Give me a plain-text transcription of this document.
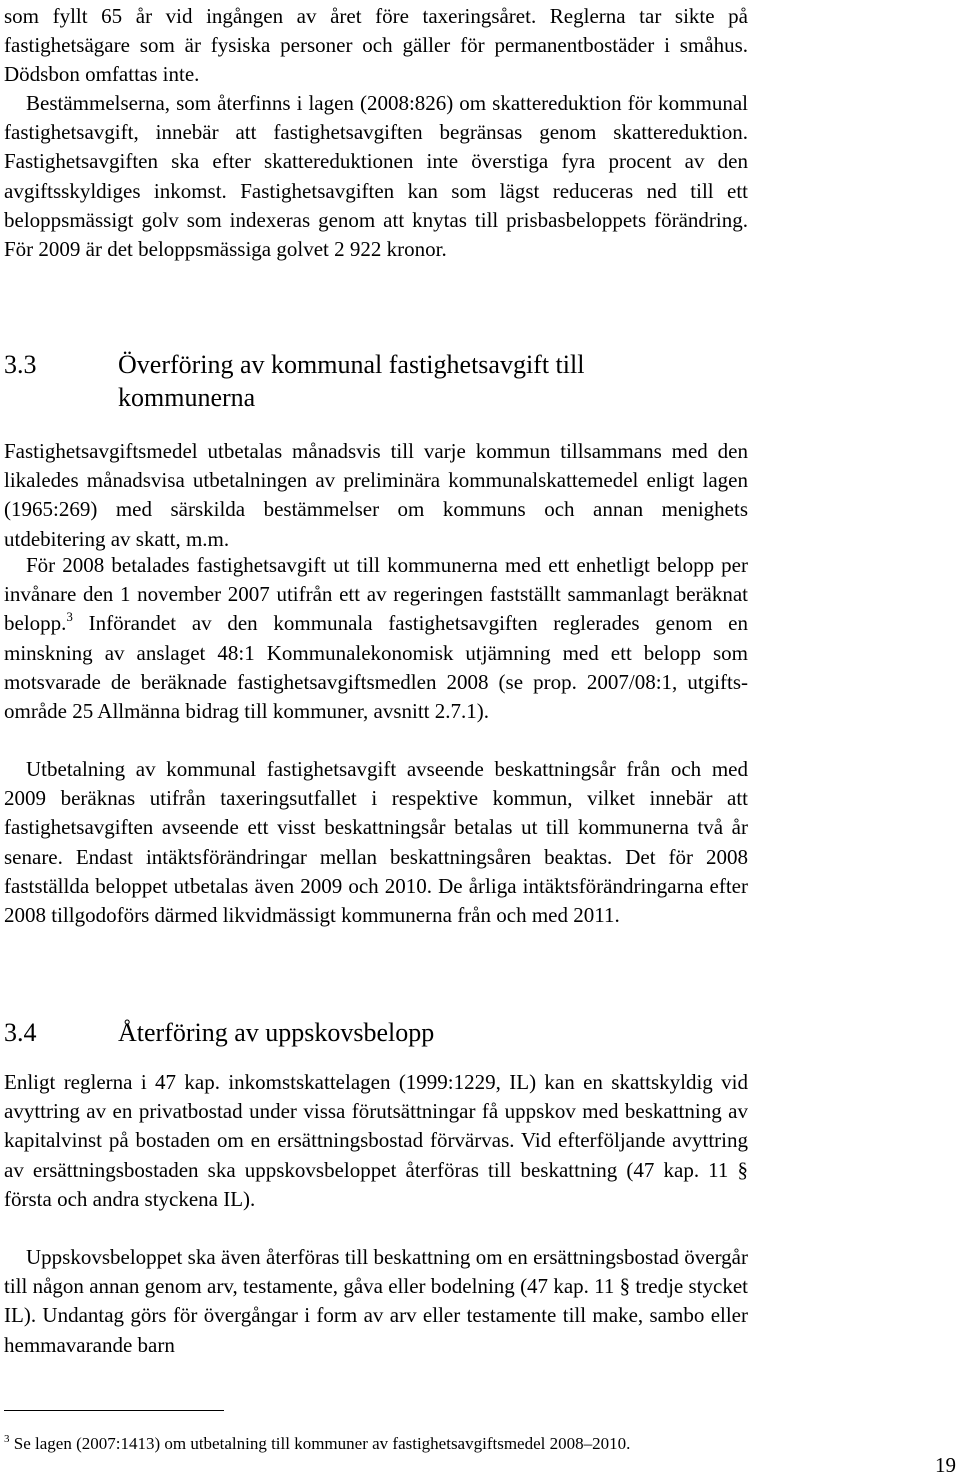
som fyllt 65 år vid ingången av året före taxeringsåret. Reglerna tar sikte på fastighetsägare som är fysiska personer och gäller för permanentbostäder i småhus. Dödsbon omfattas inte.

Bestämmelserna, som återfinns i lagen (2008:826) om skattereduktion för kommunal fastighetsavgift, innebär att fastighetsavgiften begränsas genom skattereduktion. Fastighetsavgiften ska efter skattereduktionen inte överstiga fyra procent av den avgiftsskyldiges inkomst. Fastighetsavgiften kan som lägst reduceras ned till ett beloppsmässigt golv som indexeras genom att knytas till prisbasbeloppets förändring. För 2009 är det beloppsmässiga golvet 2 922 kronor.

3.3	Överföring av kommunal fastighetsavgift till kommunerna

Fastighetsavgiftsmedel utbetalas månadsvis till varje kommun tillsammans med den likaledes månadsvisa utbetalningen av preliminära kommunalskattemedel enligt lagen (1965:269) med särskilda bestämmelser om kommuns och annan menighets utdebitering av skatt, m.m.

För 2008 betalades fastighetsavgift ut till kommunerna med ett enhetligt belopp per invånare den 1 november 2007 utifrån ett av regeringen fastställt sammanlagt beräknat belopp.$^3$ Införandet av den kommunala fastighetsavgiften reglerades genom en minskning av anslaget 48:1 Kommunalekonomisk utjämning med ett belopp som motsvarade de beräknade fastighetsavgiftsmedlen 2008 (se prop. 2007/08:1, utgiftsområde 25 Allmänna bidrag till kommuner, avsnitt 2.7.1).

Utbetalning av kommunal fastighetsavgift avseende beskattningsår från och med 2009 beräknas utifrån taxeringsutfallet i respektive kommun, vilket innebär att fastighetsavgiften avseende ett visst beskattningsår betalas ut till kommunerna två år senare. Endast intäktsförändringar mellan beskattningsåren beaktas. Det för 2008 fastställda beloppet utbetalas även 2009 och 2010. De årliga intäktsförändringarna efter 2008 tillgodoförs därmed likvidmässigt kommunerna från och med 2011.

3.4	Återföring av uppskovsbelopp

Enligt reglerna i 47 kap. inkomstskattelagen (1999:1229, IL) kan en skattskyldig vid avyttring av en privatbostad under vissa förutsättningar få uppskov med beskattning av kapitalvinst på bostaden om en ersättningsbostad förvärvas. Vid efterföljande avyttring av ersättningsbostaden ska uppskovsbeloppet återföras till beskattning (47 kap. 11 § första och andra styckena IL).

Uppskovsbeloppet ska även återföras till beskattning om en ersättningsbostad övergår till någon annan genom arv, testamente, gåva eller bodelning (47 kap. 11 § tredje stycket IL). Undantag görs för övergångar i form av arv eller testamente till make, sambo eller hemmavarande barn

$^3$ Se lagen (2007:1413) om utbetalning till kommuner av fastighetsavgiftsmedel 2008–2010.
19
